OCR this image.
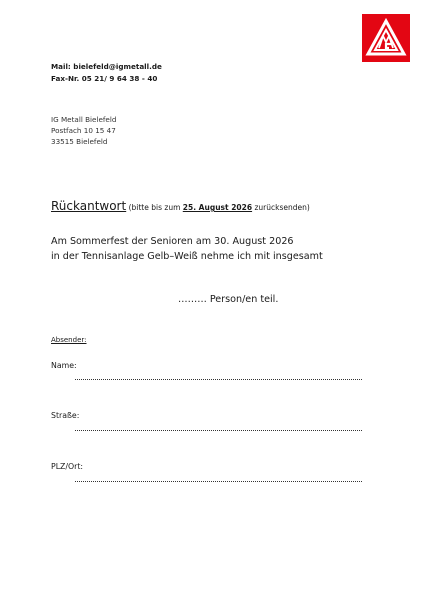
Mail: bielefeld@igmetall.de
Fax-Nr. 05 21/ 9 64 38 - 40
IG Metall Bielefeld
Postfach 10 15 47
33515 Bielefeld
Rückantwort (bitte bis zum 25. August 2026 zurücksenden)
Am Sommerfest der Senioren am 30. August 2026
in der Tennisanlage Gelb–Weiß nehme ich mit insgesamt
……… Person/en teil.
Absender:
Name:
Straße:
PLZ/Ort:
